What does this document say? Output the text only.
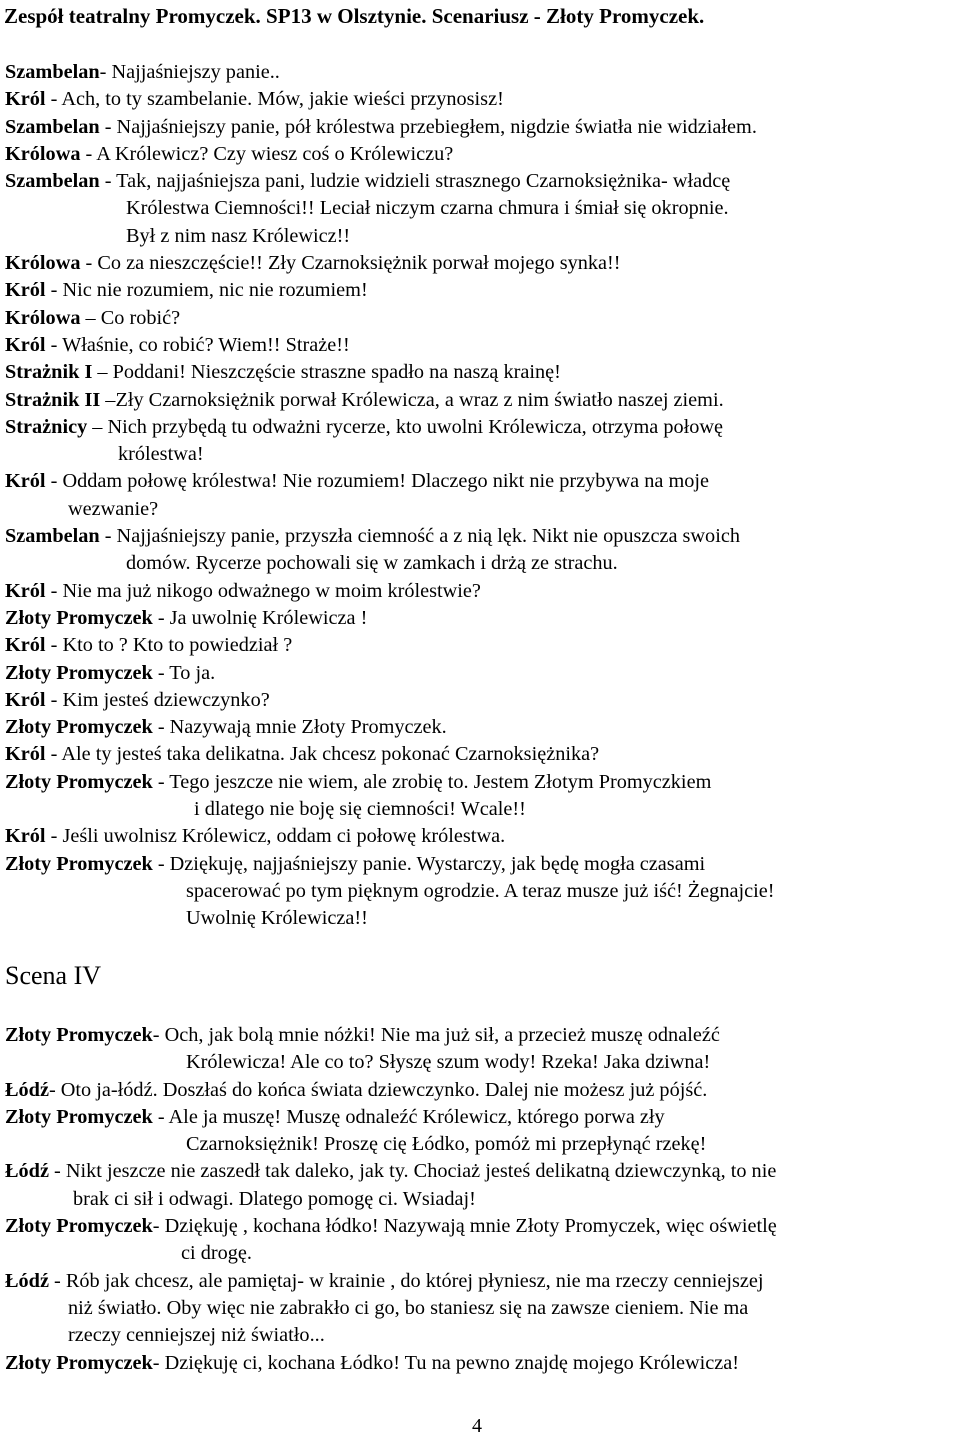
Zespół teatralny Promyczek. SP13 w Olsztynie. Scenariusz - Złoty Promyczek.
Szambelan- Najjaśniejszy panie..
Król - Ach, to ty szambelanie. Mów, jakie wieści przynosisz!
Szambelan - Najjaśniejszy panie, pół królestwa przebiegłem, nigdzie światła nie widziałem.
Królowa - A Królewicz? Czy wiesz coś o Królewiczu?
Szambelan - Tak, najjaśniejsza pani, ludzie widzieli strasznego Czarnoksiężnika- władcę
Królestwa Ciemności!! Leciał niczym czarna chmura i śmiał się okropnie.
Był z nim nasz Królewicz!!
Królowa - Co za nieszczęście!! Zły Czarnoksiężnik porwał mojego synka!!
Król - Nic nie rozumiem, nic nie rozumiem!
Królowa – Co robić?
Król - Właśnie, co robić? Wiem!! Straże!!
Strażnik I – Poddani! Nieszczęście straszne spadło na naszą krainę!
Strażnik II –Zły Czarnoksiężnik porwał Królewicza, a wraz z nim światło naszej ziemi.
Strażnicy – Nich przybędą tu odważni rycerze, kto uwolni Królewicza, otrzyma połowę
królestwa!
Król - Oddam połowę królestwa! Nie rozumiem! Dlaczego nikt nie przybywa na moje
wezwanie?
Szambelan - Najjaśniejszy panie, przyszła ciemność a z nią lęk. Nikt nie opuszcza swoich
domów. Rycerze pochowali się w zamkach i drżą ze strachu.
Król - Nie ma już nikogo odważnego w moim królestwie?
Złoty Promyczek - Ja uwolnię Królewicza !
Król - Kto to ? Kto to powiedział ?
Złoty Promyczek - To ja.
Król - Kim jesteś dziewczynko?
Złoty Promyczek - Nazywają mnie Złoty Promyczek.
Król - Ale ty jesteś taka delikatna. Jak chcesz pokonać Czarnoksiężnika?
Złoty Promyczek - Tego jeszcze nie wiem, ale zrobię to. Jestem Złotym Promyczkiem
i dlatego nie boję się ciemności! Wcale!!
Król - Jeśli uwolnisz Królewicz, oddam ci połowę królestwa.
Złoty Promyczek - Dziękuję, najjaśniejszy panie. Wystarczy, jak będę mogła czasami
spacerować po tym pięknym ogrodzie. A teraz musze już iść! Żegnajcie!
Uwolnię Królewicza!!
Scena IV
Złoty Promyczek- Och, jak bolą mnie nóżki! Nie ma już sił, a przecież muszę odnaleźć
Królewicza! Ale co to? Słyszę szum wody! Rzeka! Jaka dziwna!
Łódź- Oto ja-łódź. Doszłaś do końca świata dziewczynko. Dalej nie możesz już pójść.
Złoty Promyczek - Ale ja muszę! Muszę odnaleźć Królewicz, którego porwa zły
Czarnoksiężnik! Proszę cię Łódko, pomóż mi przepłynąć rzekę!
Łódź - Nikt jeszcze nie zaszedł tak daleko, jak ty. Chociaż jesteś delikatną dziewczynką, to nie
brak ci sił i odwagi. Dlatego pomogę ci. Wsiadaj!
Złoty Promyczek- Dziękuję , kochana łódko! Nazywają mnie Złoty Promyczek, więc oświetlę
ci drogę.
Łódź - Rób jak chcesz, ale pamiętaj- w krainie , do której płyniesz, nie ma rzeczy cenniejszej
niż światło. Oby więc nie zabrakło ci go, bo staniesz się na zawsze cieniem. Nie ma
rzeczy cenniejszej niż światło...
Złoty Promyczek- Dziękuję ci, kochana Łódko! Tu na pewno znajdę mojego Królewicza!
4
